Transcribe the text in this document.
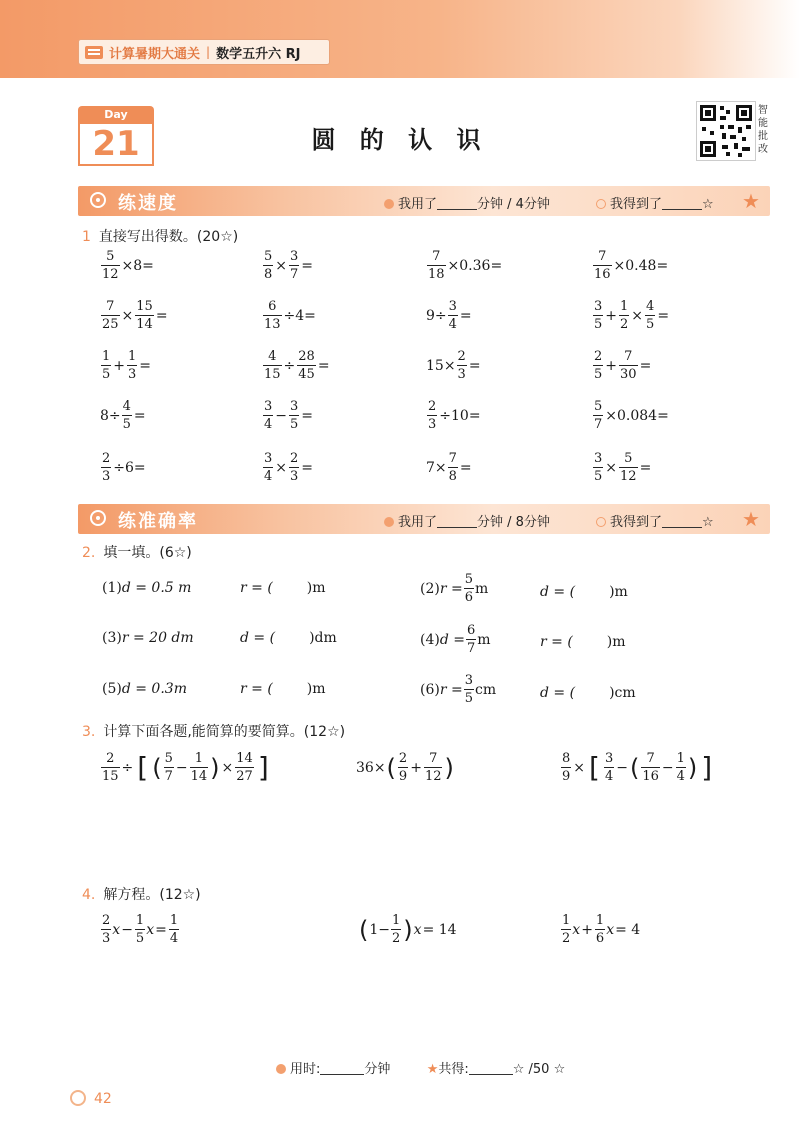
计算暑期大通关 | 数学五升六 RJ
Day
21	圆 的 认 识
智
能
批
改
练速度	我用了	分钟 / 4分钟	我得到了	☆ ★
1 直接写出得数。(20☆)
$\frac{5}{12} \times 8=$	$\frac{5}{8} \times \frac{3}{7}$ =	$\frac{7}{18} \times 0.36=$	$\frac{7}{16} \times 0.48=$
$\frac{7}{25} \times \frac{15}{14}$ =	$\frac{6}{13} \div 4=$	$9\div \frac{3}{4}$ =	$\frac{3}{5} + \frac{1}{2} \times \frac{4}{5}$ =
$\frac{1}{5} + \frac{1}{3}$ =	$\frac{4}{15} \div \frac{28}{45}$ =	$15\times \frac{2}{3}$ =	$\frac{2}{5} + \frac{7}{30}$ =
$8\div \frac{4}{5}$ =	$\frac{3}{4} - \frac{3}{5}$ =	$\frac{2}{3} \div 10=$	$\frac{5}{7} \times 0.084=$
$\frac{2}{3} \div 6=$	$\frac{3}{4} \times \frac{2}{3}$ =	$7\times \frac{7}{8}$ =	$\frac{3}{5} \times \frac{5}{12}$ =
练准确率	我用了	分钟 / 8分钟	我得到了	☆ ★
2. 填一填。(6☆)
(1) d = 0.5 m	r = ( )m	(2) $r = \frac{5}{6}$ m	d = ( )m
(3) r = 20 dm	d = ( )dm	(4) $d = \frac{6}{7}$ m	r = ( )m
(5) d = 0.3m	r = ( )m	(6) $r = \frac{3}{5}$ cm	d = ( )cm
3. 计算下面各题,能简算的要简算。(12☆)
$\frac{2}{15}$ ÷ [ ( $\frac{5}{7} - \frac{1}{14}$ ) × $\frac{14}{27}$ ]	36× ( $\frac{2}{9} + \frac{7}{12}$ )	$\frac{8}{9}$ × [ $\frac{3}{4}$ − ( $\frac{7}{16} - \frac{1}{4}$ ) ]
4. 解方程。(12☆)
$\frac{2}{3}$ $x - \frac{1}{5}$ $x = \frac{1}{4}$	( $1- \frac{1}{2}$ ) x = 14	$\frac{1}{2}$ $x + \frac{1}{6}$ x = 4
用时:	分钟	★共得:	☆ /50 ☆
42
